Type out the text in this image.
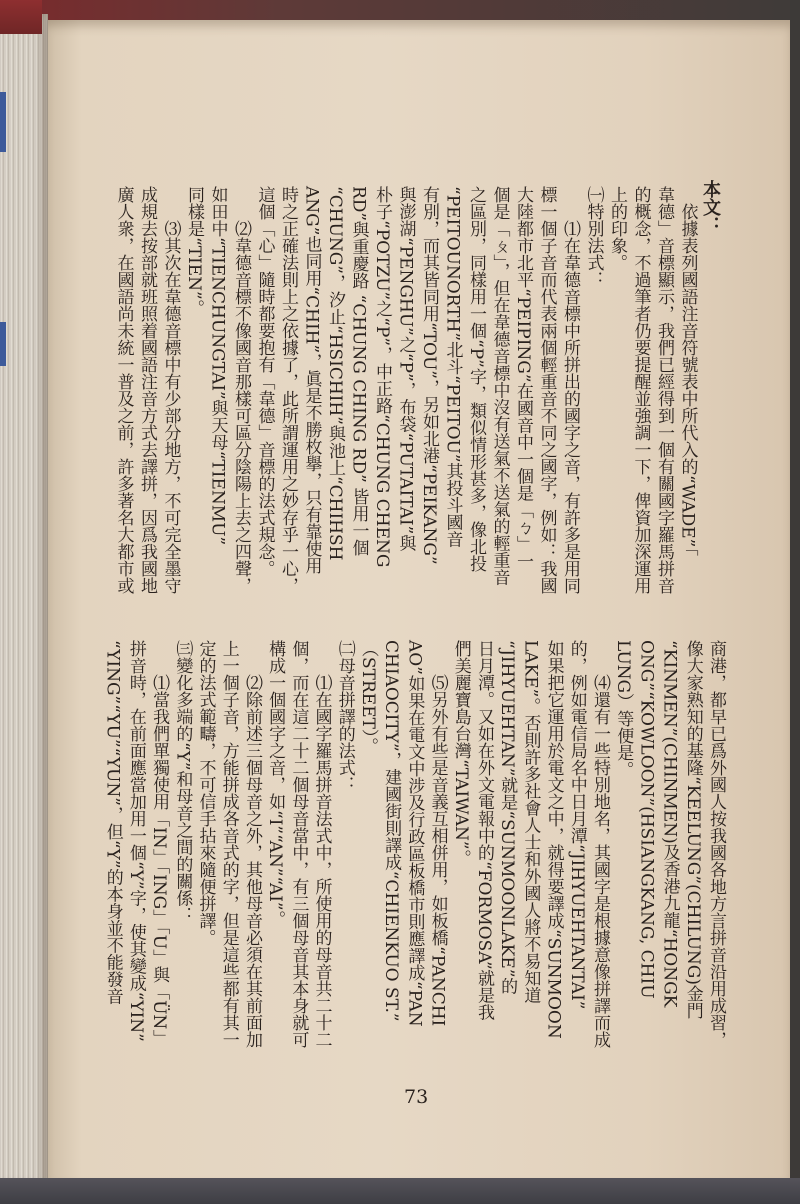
本文：
依據表列國語注音符號表中所代入的“WADE”「
韋德」音標顯示，我們已經得到一個有關國字羅馬拼音
的概念，不過筆者仍要提醒並強調一下，俾資加深運用
上的印象。
㈠特別法式：
⑴在韋德音標中所拼出的國字之音，有許多是用同
標一個子音而代表兩個輕重音不同之國字，例如：我國
大陸都市北平“PEIPING”在國音中一個是「ㄅ」一
個是「ㄆ」，但在韋德音標中沒有送氣不送氣的輕重音
之區別，同樣用一個“P”字，類似情形甚多，像北投
“PEITOUNORTH”北斗“PEITOU”其投斗國音
有別，而其皆同用“TOU”，另如北港“PEIKANG”
與澎湖“PENGHU”之“P”，布袋“PUTAITAI”與
朴子“POTZU”之“P”，中正路“CHUNG CHENG
RD”與重慶路 “CHUNG CHING RD” 皆用一個
“CHUNG”，汐止“HSICHIH”與池上“CHIHSH
ANG”也同用“CHIH”，眞是不勝枚擧，只有靠使用
時之正確法則上之依據了，此所謂運用之妙存乎一心，
這個「心」隨時都要抱有「韋德」音標的法式規念。
⑵韋德音標不像國音那樣可區分陰陽上去之四聲，
如田中“TIENCHUNGTAI”與天母“TIENMU”
同樣是“TIEN”。
⑶其次在韋德音標中有少部分地方，不可完全墨守
成規去按部就班照着國語注音方式去譯拼，因爲我國地
廣人衆，在國語尚未統一普及之前，許多著名大都市或
商港，都早已爲外國人按我國各地方言拼音沿用成習，
像大家熟知的基隆“KEELUNG”(CHILUNG)金門
“KINMEN”(CHINMEN)及香港九龍“HONGK
ONG”“KOWLOON”(HSIANGKANG, CHIU
LUNG）等便是。
⑷還有一些特別地名，其國字是根據意像拼譯而成
的，例如電信局名中日月潭“JIHYUEHTANTAI”
如果把它運用於電文之中，就得要譯成“SUNMOON
LAKE”。否則許多社會人士和外國人將不易知道
“JIHYUEHTAN”就是“SUNMOONLAKE”的
日月潭。又如在外文電報中的“FORMOSA”就是我
們美麗寶島台灣“TAIWAN”。
⑸另外有些是音義互相併用，如板橋“PANCHI
AO”如果在電文中涉及行政區板橋市則應譯成“PAN
CHIAOCITY”，建國街則譯成“CHIENKUO ST.”
（STREET）。
㈡母音拼譯的法式：
⑴在國字羅馬拼音法式中，所使用的母音共二十二
個，而在這二十二個母音當中，有三個母音其本身就可
構成一個國字之音，如“I”“AN”“AI”。
⑵除前述三個母音之外，其他母音必須在其前面加
上一個子音，方能拼成各音式的字，但是這些都有其一
定的法式範疇，不可信手拈來隨便拼譯。
㈢變化多端的“Y”和母音之間的關係：
⑴當我們單獨使用「IN」「ING」「U」與「ÜN」
拼音時，在前面應當加用一個“Y”字，使其變成“YIN”
“YING”“YU”“YUN”，但“Y”的本身並不能發音
73
